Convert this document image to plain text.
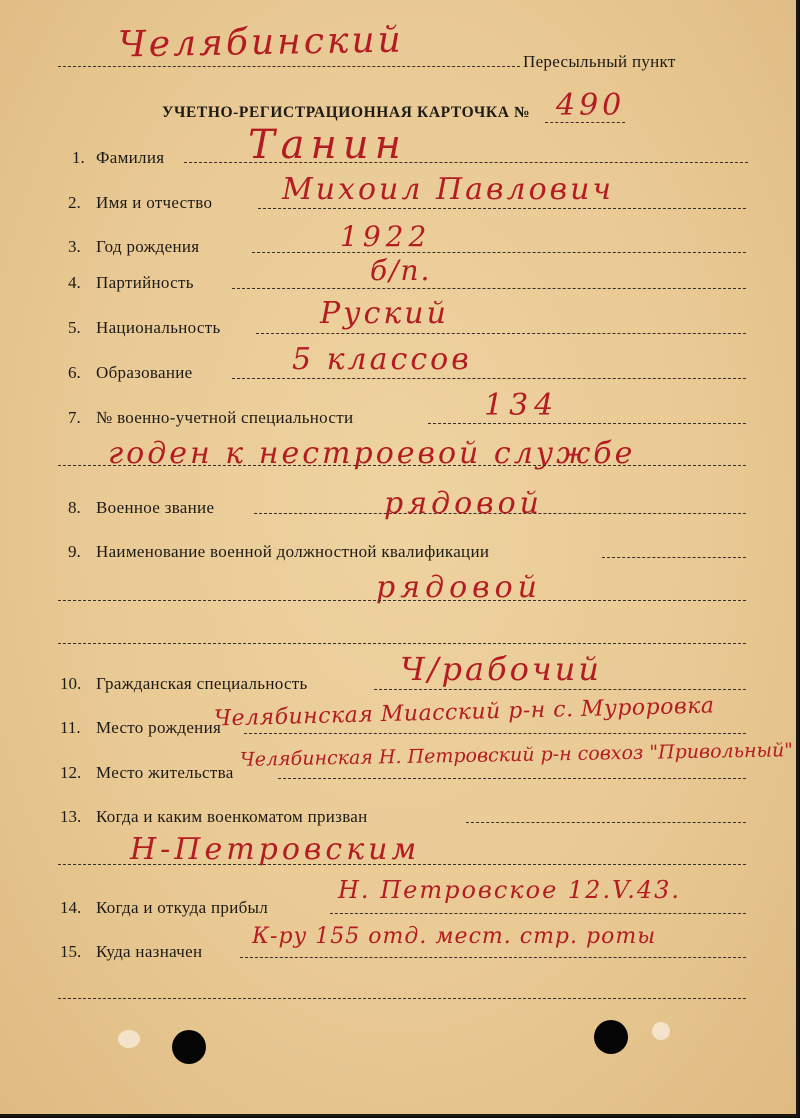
Челябинский	Пересыльный пункт
УЧЕТНО-РЕГИСТРАЦИОННАЯ КАРТОЧКА № 490
1. Фамилия Танин
2. Имя и отчество Михоил Павлович
3. Год рождения	1922
4. Партийность	б/п.
5. Национальность	Руский
6. Образование	5 классов
7. № военно-учетной специальности	134
годен к нестроевой службе
8. Военное звание	рядовой
9. Наименование военной должностной квалификации
рядовой
10. Гражданская специальность	Ч/рабочий
11. Место рождения
Челябинская Миасский р-н с. Муроровка
12. Место жительства
Челябинская Н. Петровский р-н совхоз "Привольный"
13. Когда и каким военкоматом призван
Н-Петровским
14. Когда и откуда прибыл
Н. Петровское 12.V.43.
15. Куда назначен
К-ру 155 отд. мест. стр. роты
